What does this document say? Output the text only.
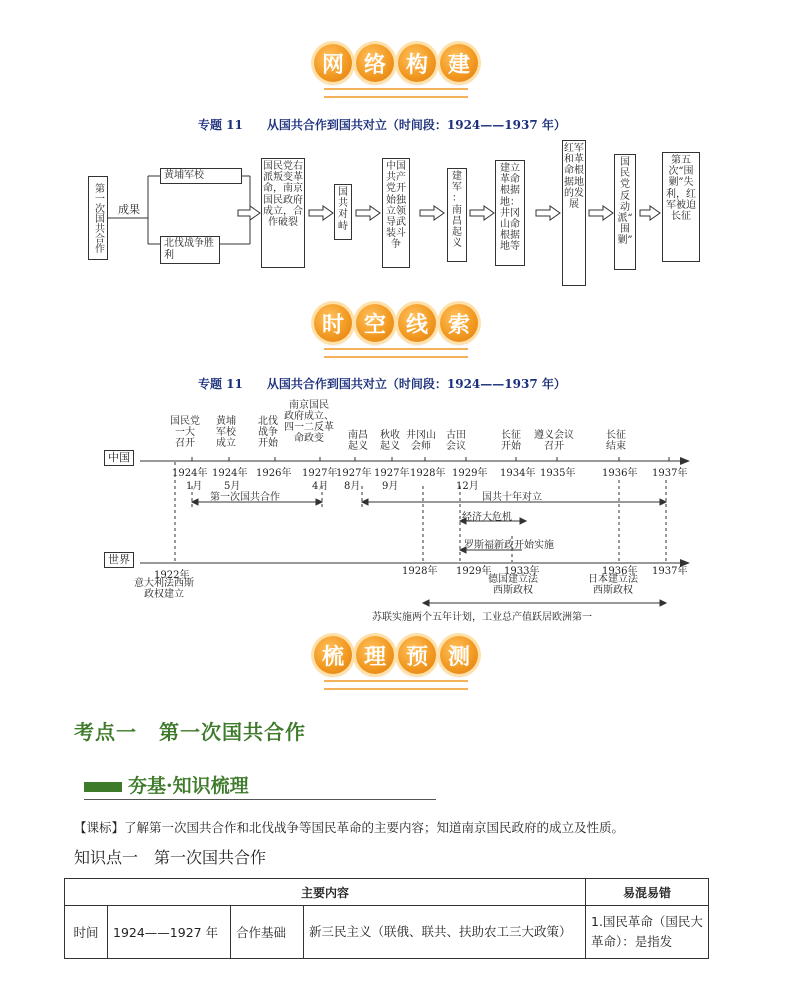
网 络 构 建
专题 11　　从国共合作到国共对立（时间段：1924——1937 年）
第一次国共合作	成果
黄埔军校
北伐战争胜利
国民党右派叛变革命，南京国民政府成立，合作破裂
国共对峙
中国共产党开始独立领导武装斗争
建军：南昌起义
建立革命根据地：井冈山命根据地等
红军和革命根据地的发展
国民党反动派“围剿”
第五次“围剿”失利，红军被迫长征
时 空 线 索
专题 11　　从国共合作到国共对立（时间段：1924——1937 年）
中国
世界
国民党
一大
召开
黄埔
军校
成立
北伐
战争
开始
南京国民
政府成立、
四一二反革
命政变	南昌
起义
秋收
起义
井冈山
会师
古田
会议
长征
开始
遵义会议
召开
长征
结束
1924年
1月
1924年
5月
1926年 1927年
4月
1927年
8月
1927年
9月
1928年 1929年
12月
1934年 1935年	1936年 1937年
第一次国共合作	国共十年对立
经济大危机
罗斯福新政开始实施
苏联实施两个五年计划，工业总产值跃居欧洲第一
1922年
意大利法西斯
政权建立
1928年 1929年 1933年
德国建立法
西斯政权
1936年
日本建立法
西斯政权
1937年
梳 理 预 测
考点一 第一次国共合作
夯基·知识梳理
【课标】了解第一次国共合作和北伐战争等国民革命的主要内容；知道南京国民政府的成立及性质。
知识点一 第一次国共合作
主要内容				易混易错
时间	1924——1927 年	合作基础	新三民主义（联俄、联共、扶助农工三大政策）	1.国民革命（国民大革命）：是指发
